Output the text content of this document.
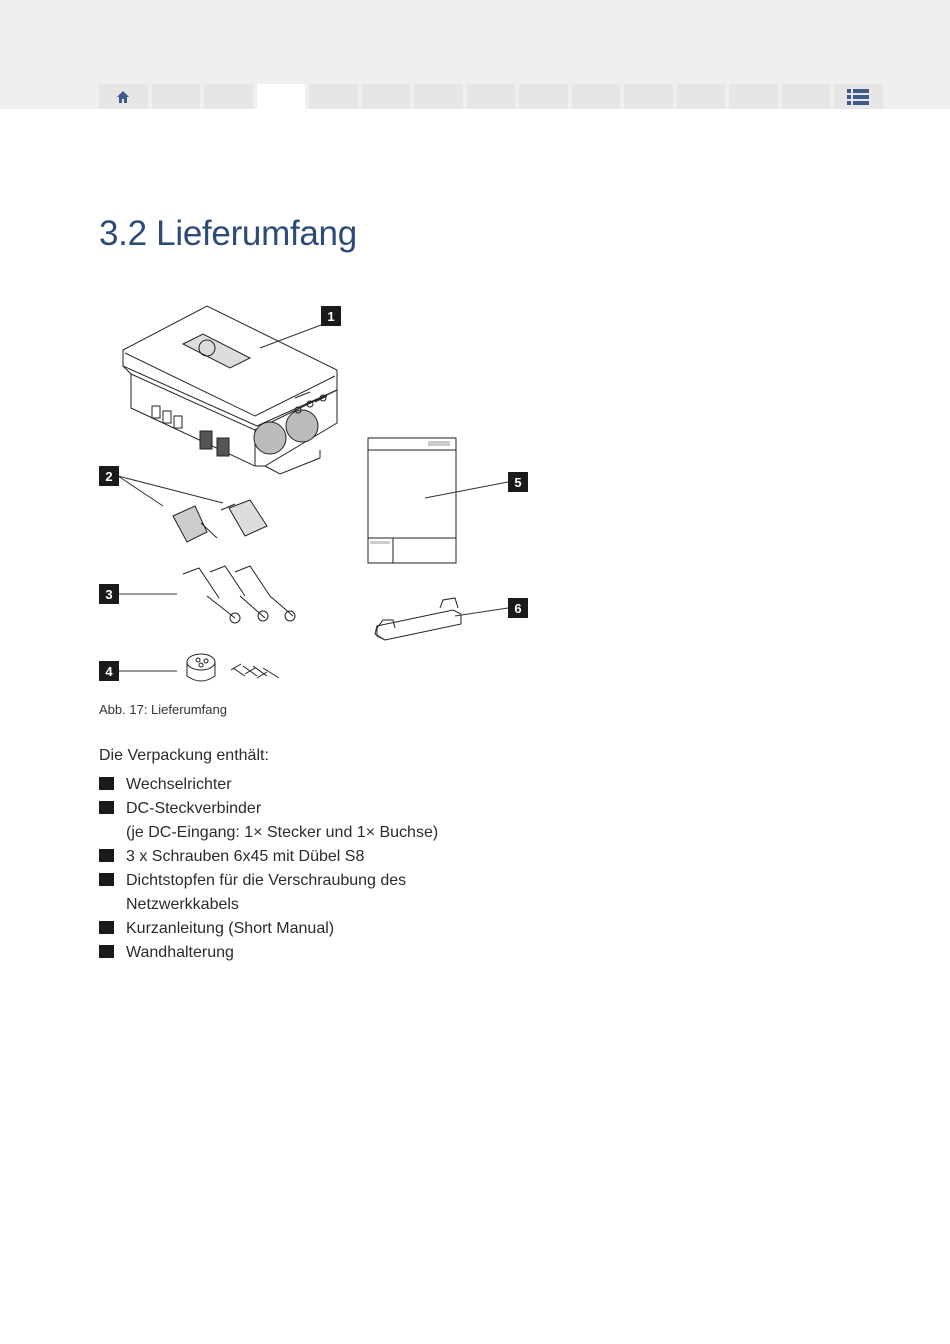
3.2 Lieferumfang
1
2
3
4
5
6
Abb. 17: Lieferumfang
Die Verpackung enthält:
Wechselrichter
DC-Steckverbinder
(je DC-Eingang: 1× Stecker und 1× Buchse)
3 x Schrauben 6x45 mit Dübel S8
Dichtstopfen für die Verschraubung des
Netzwerkkabels
Kurzanleitung (Short Manual)
Wandhalterung
